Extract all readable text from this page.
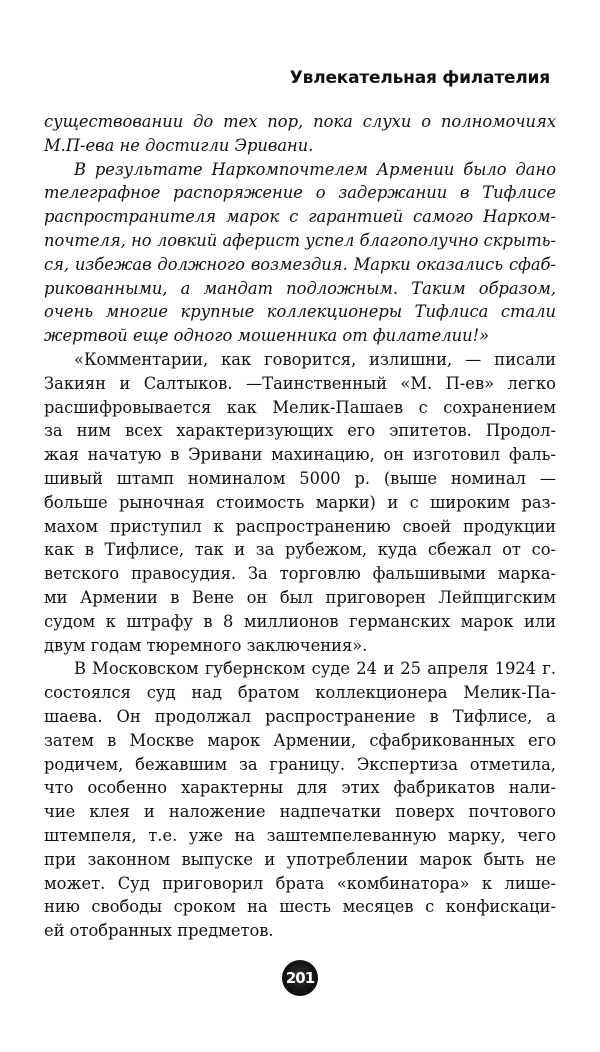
Увлекательная филателия
существовании до тех пор, пока слухи о полномочиях
М.П-ева не достигли Эривани.
В результате Наркомпочтелем Армении было дано
телеграфное распоряжение о задержании в Тифлисе
распространителя марок с гарантией самого Нарком-
почтеля, но ловкий аферист успел благополучно скрыть-
ся, избежав должного возмездия. Марки оказались сфаб-
рикованными, а мандат подложным. Таким образом,
очень многие крупные коллекционеры Тифлиса стали
жертвой еще одного мошенника от филателии!»
«Комментарии, как говорится, излишни, — писали
Закиян и Салтыков. —Таинственный «М. П-ев» легко
расшифровывается как Мелик-Пашаев с сохранением
за ним всех характеризующих его эпитетов. Продол-
жая начатую в Эривани махинацию, он изготовил фаль-
шивый штамп номиналом 5000 р. (выше номинал —
больше рыночная стоимость марки) и с широким раз-
махом приступил к распространению своей продукции
как в Тифлисе, так и за рубежом, куда сбежал от со-
ветского правосудия. За торговлю фальшивыми марка-
ми Армении в Вене он был приговорен Лейпцигским
судом к штрафу в 8 миллионов германских марок или
двум годам тюремного заключения».
В Московском губернском суде 24 и 25 апреля 1924 г.
состоялся суд над братом коллекционера Мелик-Па-
шаева. Он продолжал распространение в Тифлисе, а
затем в Москве марок Армении, сфабрикованных его
родичем, бежавшим за границу. Экспертиза отметила,
что особенно характерны для этих фабрикатов нали-
чие клея и наложение надпечатки поверх почтового
штемпеля, т.е. уже на заштемпелеванную марку, чего
при законном выпуске и употреблении марок быть не
может. Суд приговорил брата «комбинатора» к лише-
нию свободы сроком на шесть месяцев с конфискаци-
ей отобранных предметов.
201
